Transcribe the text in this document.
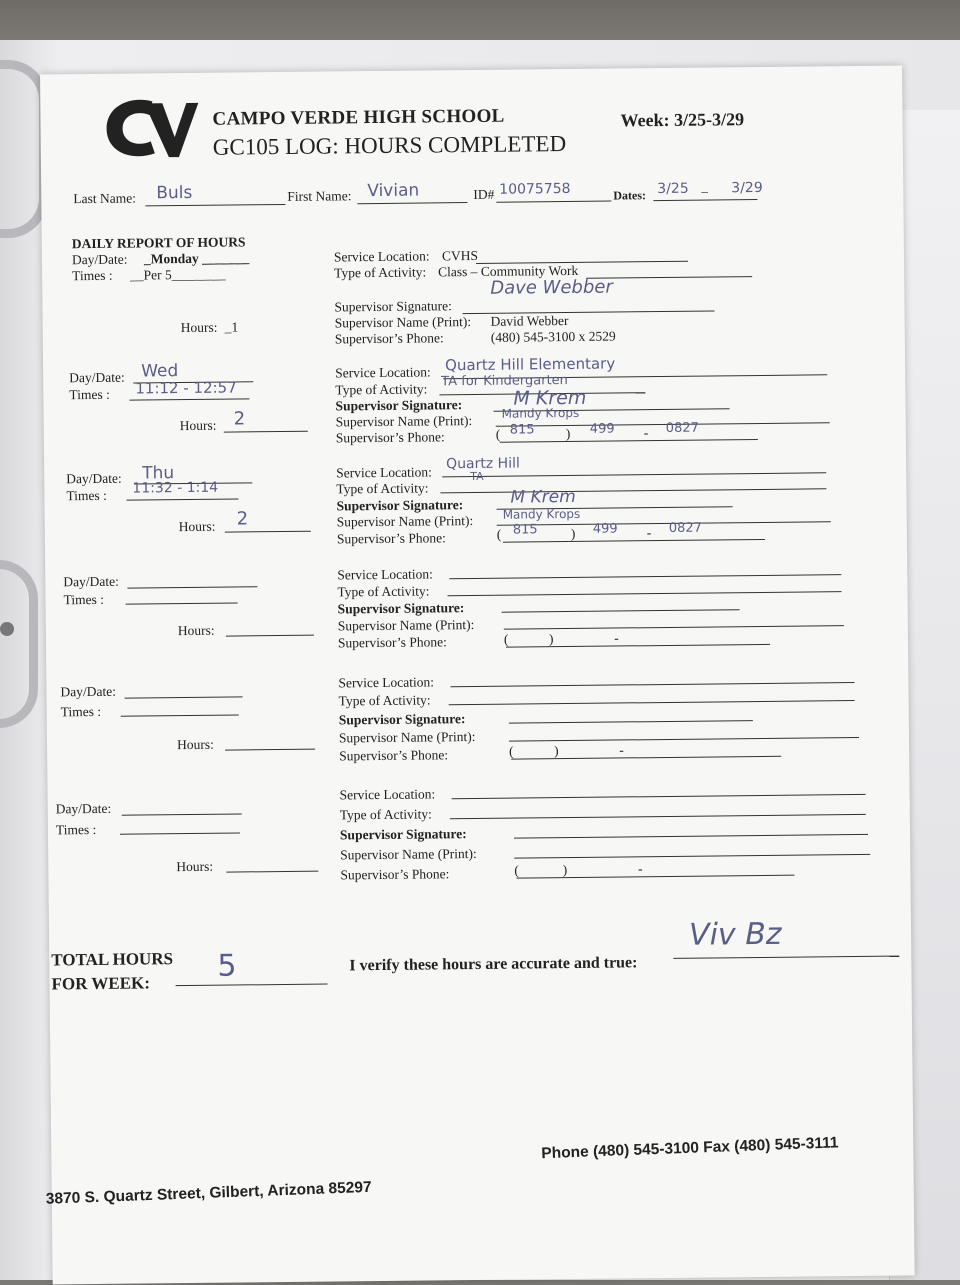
CV
CAMPO VERDE HIGH SCHOOL	Week: 3/25-3/29
GC105 LOG: HOURS COMPLETED
Last Name: Buls	First Name: Vivian	ID# 10075758	Dates: 3/25 – 3/29
DAILY REPORT OF HOURS
Day/Date: _Monday _______
Times : __Per 5________
Hours: _1
Service Location: CVHS
Type of Activity: Class – Community Work
Supervisor Signature:
Dave Webber
Supervisor Name (Print): David Webber
Supervisor’s Phone:	(480) 545-3100 x 2529
Day/Date: Wed
Times : 11:12 - 12:57
Hours: 2
Service Location: Quartz Hill Elementary
Type of Activity:
TA for Kindergarten
Supervisor Signature:	M Krem
Supervisor Name (Print): Mandy Krops
Supervisor’s Phone:	( 815 ) 499 - 0827
Day/Date: Thu
Times : 11:32 - 1:14
Hours: 2
Service Location:
Quartz Hill
Type of Activity:
TA
Supervisor Signature:	M Krem
Supervisor Name (Print): Mandy Krops
Supervisor’s Phone:	( 815 ) 499 - 0827
Day/Date:
Times :
Hours:
Service Location:
Type of Activity:
Supervisor Signature:
Supervisor Name (Print):
Supervisor’s Phone:	(            )                  -
Day/Date:
Times :
Hours:
Service Location:
Type of Activity:
Supervisor Signature:
Supervisor Name (Print):
Supervisor’s Phone:	(            )                  -
Day/Date:
Times :
Hours:
Service Location:
Type of Activity:
Supervisor Signature:
Supervisor Name (Print):
Supervisor’s Phone:	(             )                     -
TOTAL HOURS
FOR WEEK: 5	I verify these hours are accurate and true:
Viv Bz
Phone (480) 545-3100 Fax (480) 545-3111
3870 S. Quartz Street, Gilbert, Arizona 85297
